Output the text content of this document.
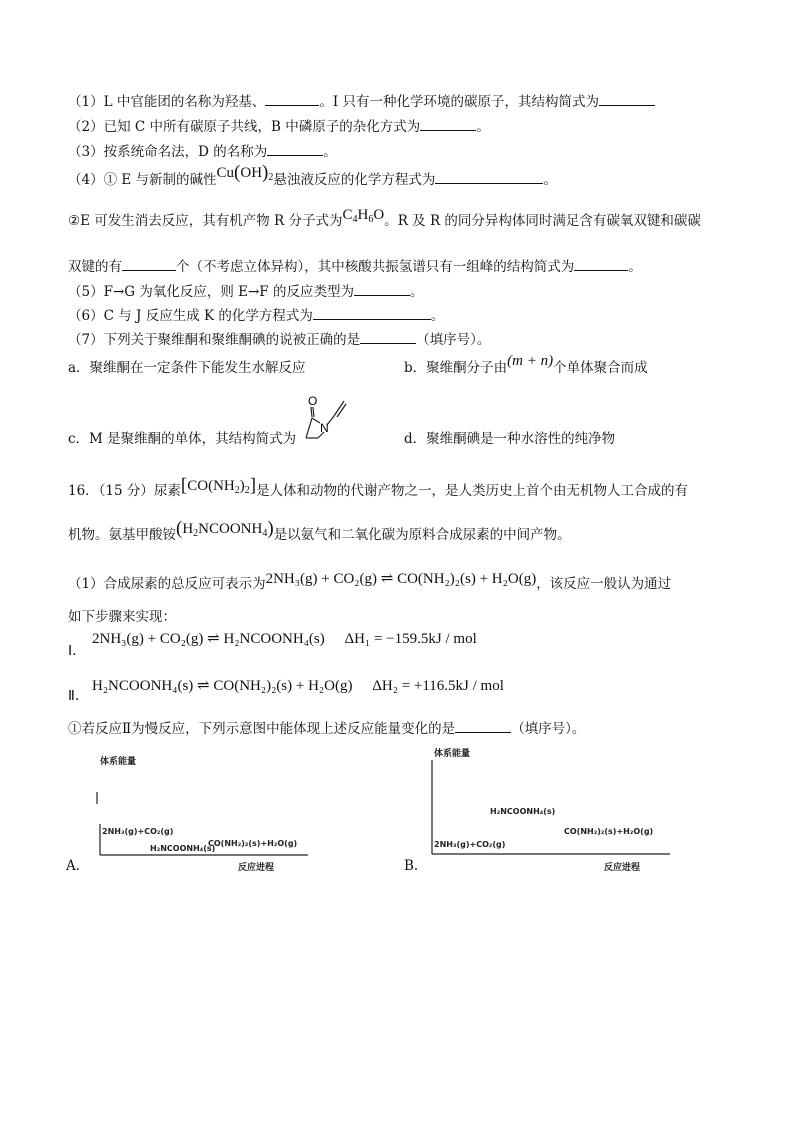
（1）L 中官能团的名称为羟基、	。I 只有一种化学环境的碳原子，其结构简式为
（2）已知 C 中所有碳原子共线，B 中磷原子的杂化方式为	。
（3）按系统命名法，D 的名称为	。
（4）① E 与新制的碱性$Cu(OH)_2$悬浊液反应的化学方程式为	。
②E 可发生消去反应，其有机产物 R 分子式为$C_4H_6O$。R 及 R 的同分异构体同时满足含有碳氧双键和碳碳
双键的有	个（不考虑立体异构），其中核酸共振氢谱只有一组峰的结构简式为	。
（5）F→G 为氧化反应，则 E→F 的反应类型为	。
（6）C 与 J 反应生成 K 的化学方程式为	。
（7）下列关于聚维酮和聚维酮碘的说被正确的是	（填序号）。
a．聚维酮在一定条件下能发生水解反应	b．聚维酮分子由(m + n)个单体聚合而成
c．M 是聚维酮的单体，其结构简式为
O
N
d．聚维酮碘是一种水溶性的纯净物
16．（15 分）尿素$[CO(NH_2)_2]$是人体和动物的代谢产物之一，是人类历史上首个由无机物人工合成的有
机物。氨基甲酸铵$(H_2NCOONH_4)$是以氨气和二氧化碳为原料合成尿素的中间产物。
（1）合成尿素的总反应可表示为2NH₃(g) + CO₂(g) ⇌ CO(NH₂)₂(s) + H₂O(g)，该反应一般认为通过
如下步骤来实现：
Ⅰ．
2NH₃(g) + CO₂(g) ⇌ H₂NCOONH₄(s) ΔH₁ = −159.5kJ / mol
Ⅱ．
H₂NCOONH₄(s) ⇌ CO(NH₂)₂(s) + H₂O(g) ΔH₂ = +116.5kJ / mol
①若反应Ⅱ为慢反应，下列示意图中能体现上述反应能量变化的是	（填序号）。
体系能量
2NH₃(g)+CO₂(g)
H₂NCOONH₄(s)
CO(NH₂)₂(s)+H₂O(g)
反应进程
A.
体系能量
H₂NCOONH₄(s)
CO(NH₂)₂(s)+H₂O(g)
2NH₃(g)+CO₂(g)
反应进程
B.
